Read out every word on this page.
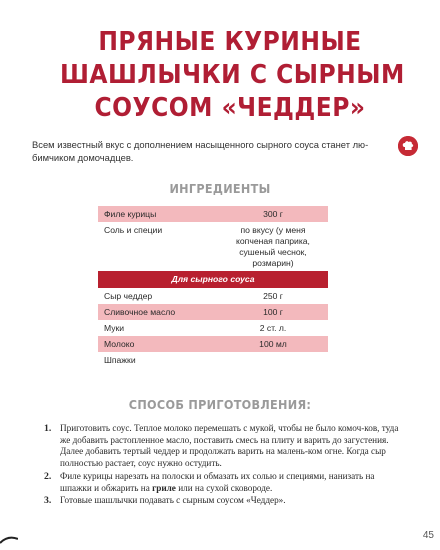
ПРЯНЫЕ КУРИНЫЕ
ШАШЛЫЧКИ С СЫРНЫМ
СОУСОМ «ЧЕДДЕР»
Всем известный вкус с дополнением насыщенного сырного соуса станет лю-бимчиком домочадцев.
ИНГРЕДИЕНТЫ
Филе курицы	300 г
Соль и специи	по вкусу (у меня копченая паприка, сушеный чеснок, розмарин)
Для сырного соуса	
Сыр чеддер	250 г
Сливочное масло	100 г
Муки	2 ст. л.
Молоко	100 мл
Шпажки	
СПОСОБ ПРИГОТОВЛЕНИЯ:
1. Приготовить соус. Теплое молоко перемешать с мукой, чтобы не было комоч-ков, туда же добавить растопленное масло, поставить смесь на плиту и варить до загустения. Далее добавить тертый чеддер и продолжать варить на малень-ком огне. Когда сыр полностью растает, соус нужно остудить.
2. Филе курицы нарезать на полоски и обмазать их солью и специями, нанизать на шпажки и обжарить на гриле или на сухой сковороде.
3. Готовые шашлычки подавать с сырным соусом «Чеддер».
45
